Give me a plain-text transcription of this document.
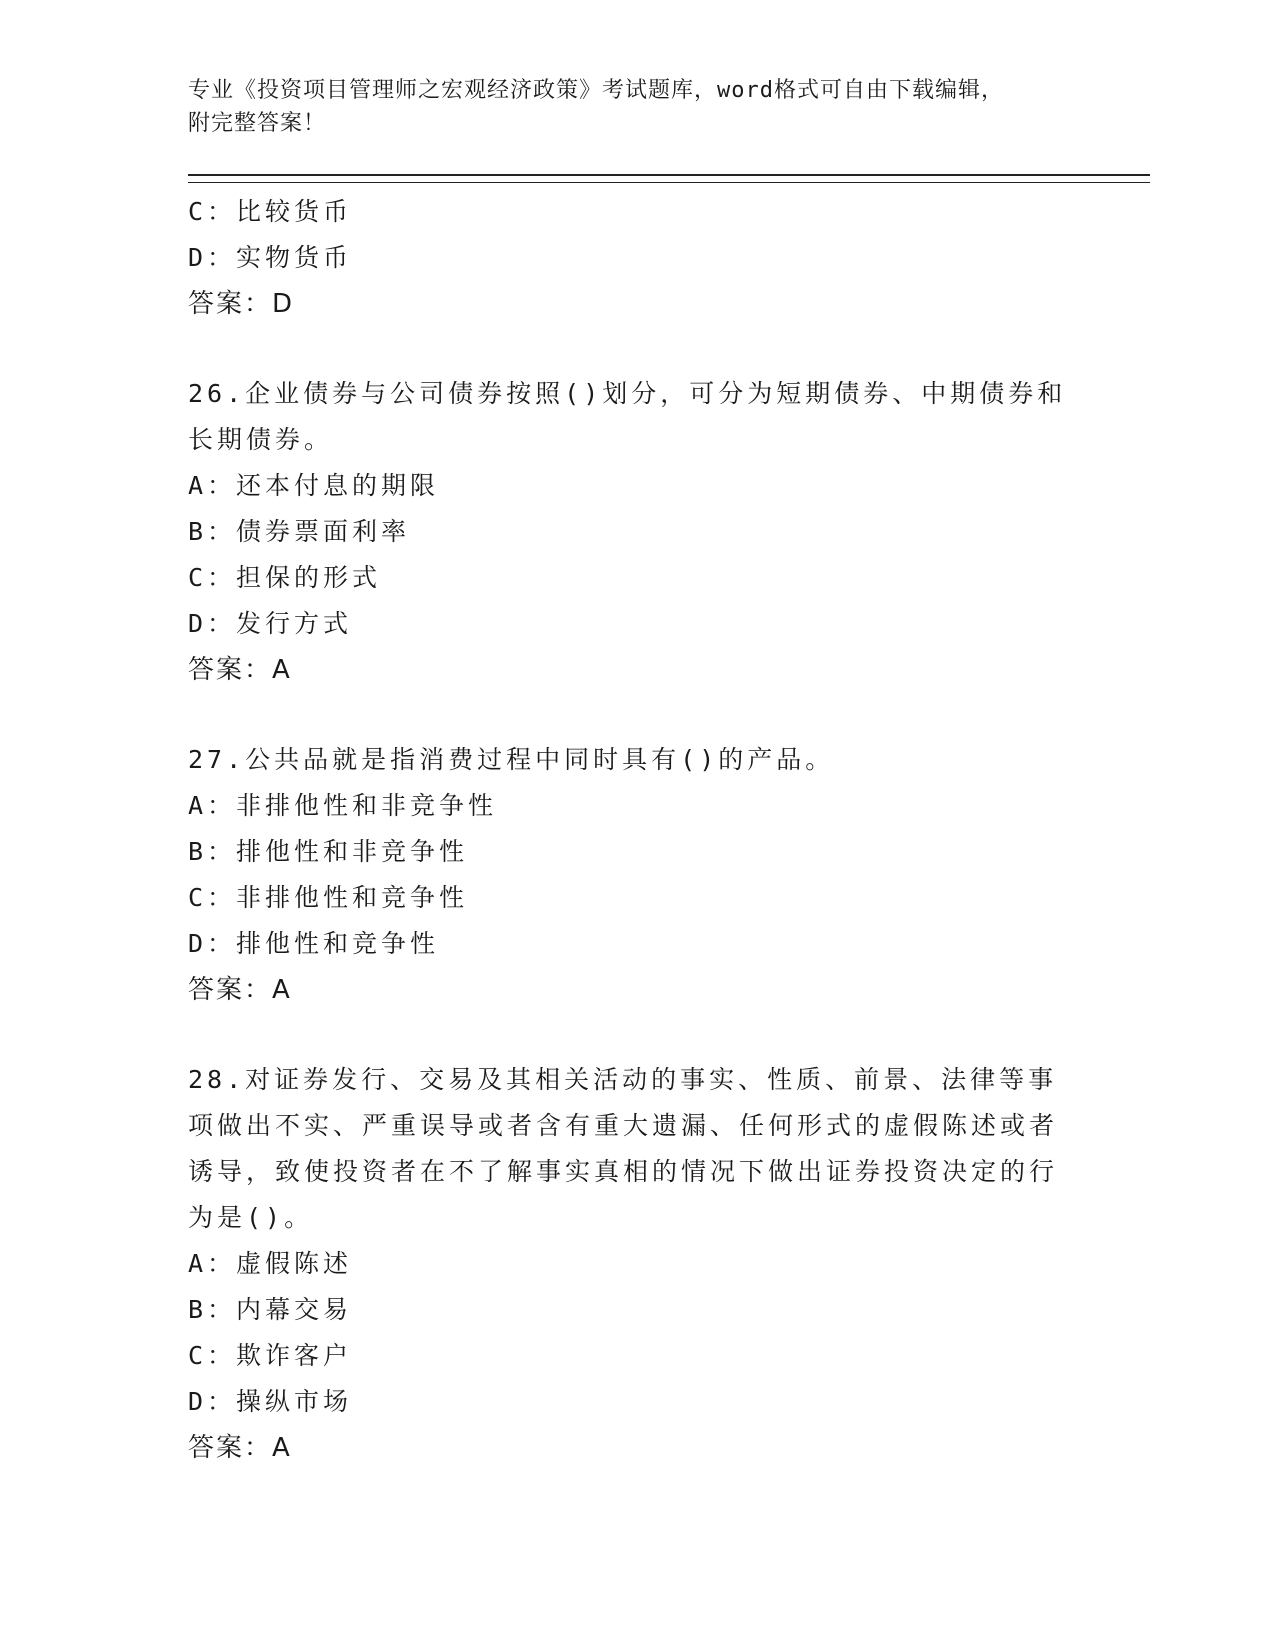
专业《投资项目管理师之宏观经济政策》考试题库，word格式可自由下载编辑，
附完整答案！
C：比较货币
D：实物货币
答案：D
26.企业债券与公司债券按照()划分，可分为短期债券、中期债券和长期债券。
A：还本付息的期限
B：债券票面利率
C：担保的形式
D：发行方式
答案：A
27.公共品就是指消费过程中同时具有()的产品。
A：非排他性和非竞争性
B：排他性和非竞争性
C：非排他性和竞争性
D：排他性和竞争性
答案：A
28.对证券发行、交易及其相关活动的事实、性质、前景、法律等事项做出不实、严重误导或者含有重大遗漏、任何形式的虚假陈述或者诱导，致使投资者在不了解事实真相的情况下做出证券投资决定的行为是()。
A：虚假陈述
B：内幕交易
C：欺诈客户
D：操纵市场
答案：A
